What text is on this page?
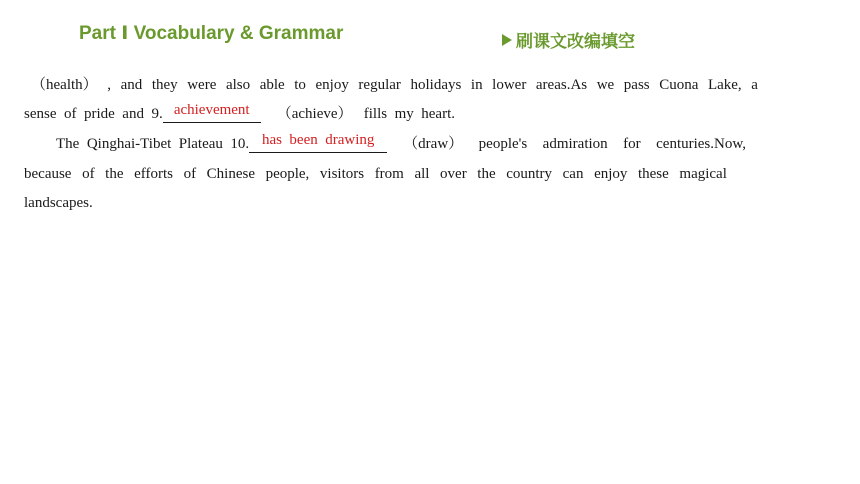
Part Ⅰ Vocabulary & Grammar	刷课文改编填空
（health） , and they were also able to enjoy regular holidays in lower areas.As we pass Cuona Lake, a
sense  of  pride  and  9. achievement （achieve）   fills  my  heart.
The  Qinghai-Tibet  Plateau  10. has  been  drawing	（draw） people's admiration for centuries.Now,
because of the efforts of Chinese people, visitors from all over the country can enjoy these magical
landscapes.
